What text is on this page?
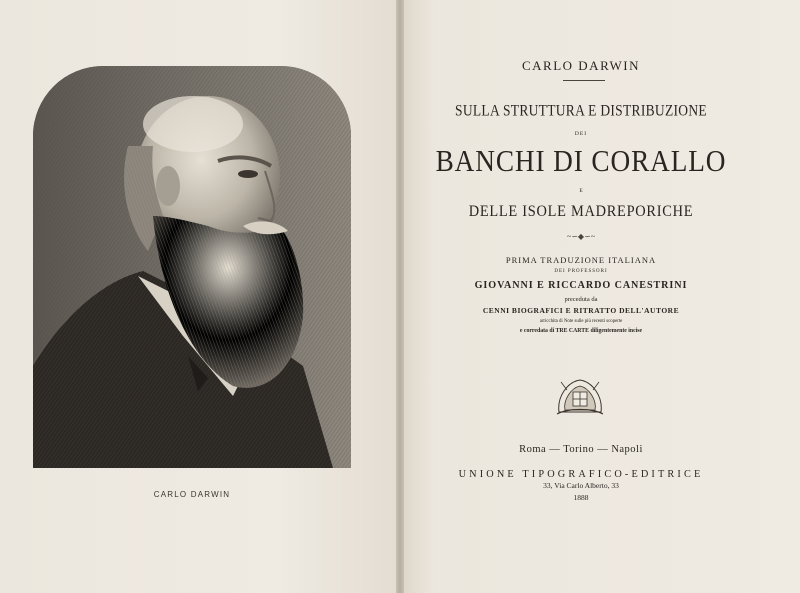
CARLO DARWIN
CARLO DARWIN
SULLA STRUTTURA E DISTRIBUZIONE
DEI
BANCHI DI CORALLO
E
DELLE ISOLE MADREPORICHE
~∽◆∽~
PRIMA TRADUZIONE ITALIANA
DEI PROFESSORI
GIOVANNI E RICCARDO CANESTRINI
preceduta da
CENNI BIOGRAFICI E RITRATTO DELL'AUTORE
arricchita di Note sulle più recenti scoperte
e corredata di TRE CARTE diligentemente incise
Roma — Torino — Napoli
UNIONE TIPOGRAFICO-EDITRICE
33, Via Carlo Alberto, 33
1888
